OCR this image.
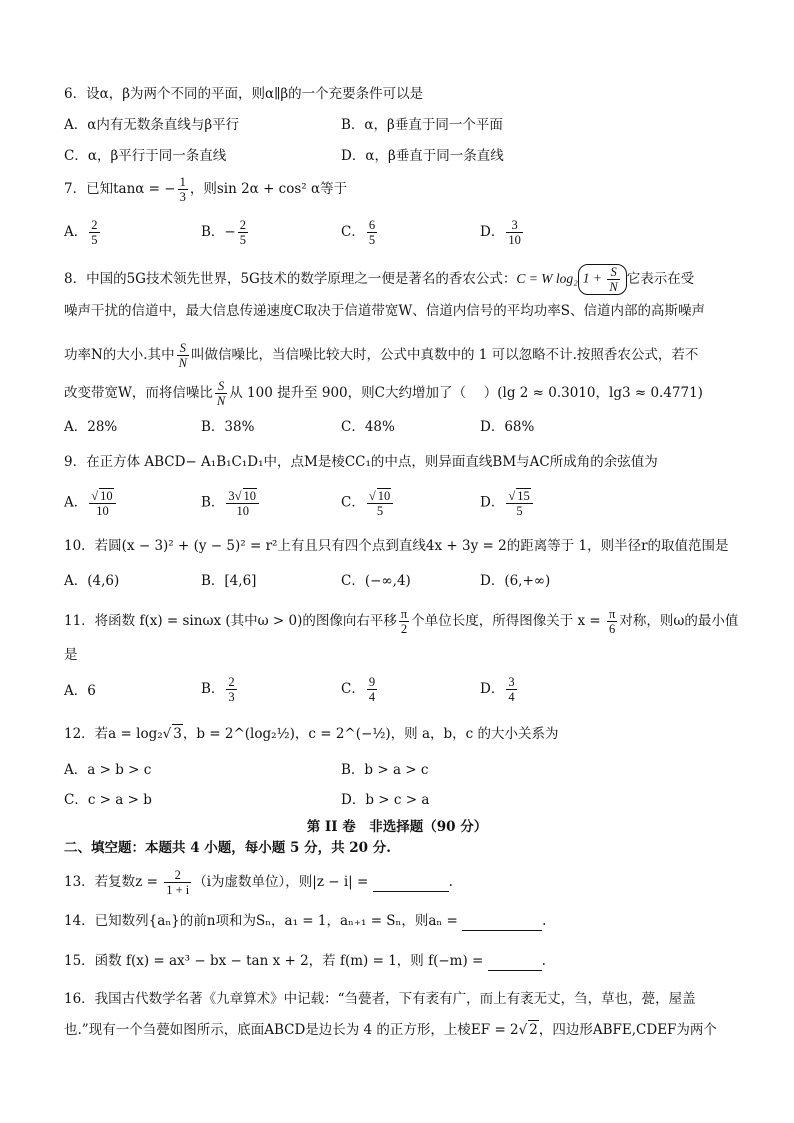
6．设α，β为两个不同的平面，则α∥β的一个充要条件可以是
A．α内有无数条直线与β平行	B．α，β垂直于同一个平面
C．α，β平行于同一条直线	D．α，β垂直于同一条直线
7．已知tanα = − $\frac{1}{3}$ ，则sin 2α + cos² α等于
A． $\frac{2}{5}$	B．− $\frac{2}{5}$	C． $\frac{6}{5}$	D． $\frac{3}{10}$
8．中国的5G技术领先世界，5G技术的数学原理之一便是著名的香农公式：C = W log₂ $1 + \frac{S}{N}$ 它表示在受
噪声干扰的信道中，最大信息传递速度C取决于信道带宽W、信道内信号的平均功率S、信道内部的高斯噪声
功率N的大小.其中 $\frac{S}{N}$ 叫做信噪比，当信噪比较大时，公式中真数中的 1 可以忽略不计.按照香农公式，若不
改变带宽W，而将信噪比 $\frac{S}{N}$ 从 100 提升至 900，则C大约增加了（　 ）(lg 2 ≈ 0.3010，lg3 ≈ 0.4771)
A．28%	B．38%	C．48%	D．68%
9．在正方体 ABCD− A₁B₁C₁D₁中，点M是棱CC₁的中点，则异面直线BM与AC所成角的余弦值为
A． $\frac{√ 10}{10}$	B． $\frac{3√ 10}{10}$	C． $\frac{√ 10}{5}$	D． $\frac{√ 15}{5}$
10．若圆(x − 3)² + (y − 5)² = r²上有且只有四个点到直线4x + 3y = 2的距离等于 1，则半径r的取值范围是
A．(4,6)	B．[4,6]	C．(−∞,4)	D．(6,+∞)
11．将函数 f(x) = sinωx (其中ω > 0)的图像向右平移 $\frac{\pi}{2}$ 个单位长度，所得图像关于 $x = \frac{\pi}{6}$ 对称，则ω的最小值
是
A．6	B． $\frac{2}{3}$	C． $\frac{9}{4}$	D． $\frac{3}{4}$
12．若a = log₂√ 3，b = 2^(log₂½)，c = 2^(−½)，则 a，b，c 的大小关系为
A．a > b > c	B．b > a > c
C．c > a > b	D．b > c > a
第 II 卷　非选择题（90 分）
二、填空题：本题共 4 小题，每小题 5 分，共 20 分.
13．若复数$z = \frac{2}{1 + i} (i$为虚数单位），则|z − i| =	.
14．已知数列{aₙ}的前n项和为Sₙ，a₁ = 1，aₙ₊₁ = Sₙ，则aₙ =	.
15．函数 f(x) = ax³ − bx − tan x + 2，若 f(m) = 1，则 f(−m) =	.
16．我国古代数学名著《九章算术》中记载：“刍甍者，下有袤有广，而上有袤无丈，刍，草也，甍，屋盖
也.”现有一个刍甍如图所示，底面ABCD是边长为 4 的正方形，上棱EF = 2√ 2，四边形ABFE,CDEF为两个
